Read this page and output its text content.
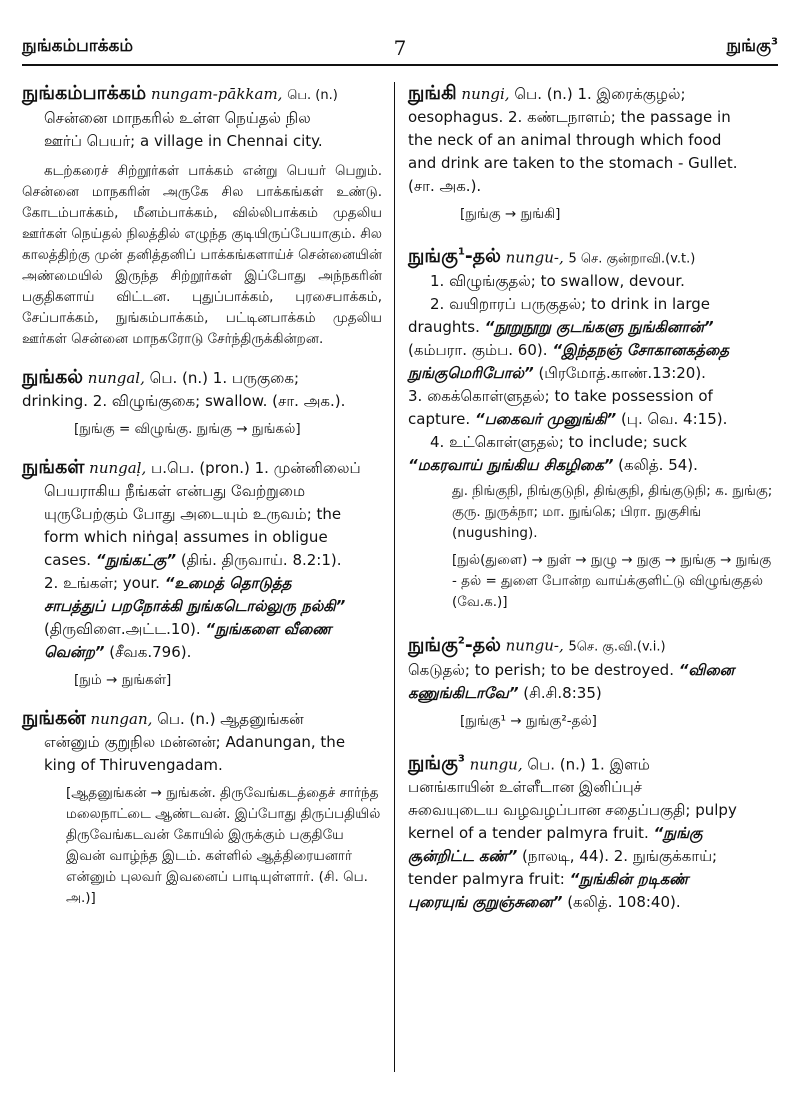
நுங்கம்பாக்கம்	7	நுங்கு$^3$
நுங்கம்பாக்கம் nungam-pākkam, பெ. (n.)
சென்னை மாநகரில் உள்ள நெய்தல் நில
ஊர்ப் பெயர்; a village in Chennai city.
கடற்கரைச் சிற்றூர்கள் பாக்கம் என்று பெயர் பெறும். சென்னை மாநகரின் அருகே சில பாக்கங்கள் உண்டு. கோடம்பாக்கம், மீனம்பாக்கம், வில்லிபாக்கம் முதலிய ஊர்கள் நெய்தல் நிலத்தில் எழுந்த குடியிருப்பேயாகும். சில காலத்திற்கு முன் தனித்தனிப் பாக்கங்களாய்ச் சென்னையின் அண்மையில் இருந்த சிற்றூர்கள் இப்போது அந்நகரின் பகுதிகளாய் விட்டன. புதுப்பாக்கம், புரசைபாக்கம், சேப்பாக்கம், நுங்கம்பாக்கம், பட்டினபாக்கம் முதலிய ஊர்கள் சென்னை மாநகரோடு சேர்ந்திருக்கின்றன.
நுங்கல் nungal, பெ. (n.) 1. பருகுகை;
drinking. 2. விழுங்குகை; swallow. (சா. அக.).
[நுங்கு = விழுங்கு. நுங்கு → நுங்கல்]
நுங்கள் nungaḷ, ப.பெ. (pron.) 1. முன்னிலைப்
பெயராகிய நீங்கள் என்பது வேற்றுமை
யுருபேற்கும் போது அடையும் உருவம்; the
form which niṅgaḷ assumes in obligue
cases. “நுங்கட்கு” (திங். திருவாய். 8.2:1).
2. உங்கள்; your. “உமைத் தொடுத்த
சாபத்துப் பறநோக்கி நுங்கடொல்லுரு நல்கி”
(திருவிளை.அட்ட.10). “நுங்களை வீணை
வென்ற” (சீவக.796).
[நும் → நுங்கள்]
நுங்கன் nungan, பெ. (n.) ஆதனுங்கன்
என்னும் குறுநில மன்னன்; Adanungan, the
king of Thiruvengadam.
[ஆதனுங்கன் → நுங்கன். திருவேங்கடத்தைச் சார்ந்த மலைநாட்டை ஆண்டவன். இப்போது திருப்பதியில் திருவேங்கடவன் கோயில் இருக்கும் பகுதியே இவன் வாழ்ந்த இடம். கள்ளில் ஆத்திரையனார் என்னும் புலவர் இவனைப் பாடியுள்ளார். (சி. பெ. அ.)]
நுங்கி nungi, பெ. (n.) 1. இரைக்குழல்;
oesophagus. 2. கண்டநாளம்; the passage in
the neck of an animal through which food
and drink are taken to the stomach - Gullet.
(சா. அக.).
[நுங்கு → நுங்கி]
நுங்கு$^1$-தல் nungu-, 5 செ. குன்றாவி.(v.t.)
1. விழுங்குதல்; to swallow, devour.
2. வயிறாரப் பருகுதல்; to drink in large
draughts. “நூறுநூறு குடங்களு நுங்கினான்”
(கம்பரா. கும்ப. 60). “இந்தநஞ் சோகானகத்தை
நுங்குமெரிபோல்” (பிரமோத்.காண்.13:20).
3. கைக்கொள்ளுதல்; to take possession of
capture. “பகைவர் முனுங்கி” (பு. வெ. 4:15).
4. உட்கொள்ளுதல்; to include; suck
“மகரவாய் நுங்கிய சிகழிகை” (கலித். 54).
து. நிங்குநி, நிங்குடுநி, திங்குநி, திங்குடுநி; க. நுங்கு; குரு. நுருக்நா; மா. நுங்கெ; பிரா. நுகுசிங் (nugushing).
[நுல்(துளை) → நுள் → நுழு → நுகு → நுங்கு → நுங்கு - தல் = துளை போன்ற வாய்க்குளிட்டு விழுங்குதல் (வே.க.)]
நுங்கு$^2$-தல் nungu-, 5செ. கு.வி.(v.i.)
கெடுதல்; to perish; to be destroyed. “வினை
கணுங்கிடாவே” (சி.சி.8:35)
[நுங்கு¹ → நுங்கு²-தல்]
நுங்கு$^3$ nungu, பெ. (n.) 1. இளம்
பனங்காயின் உள்ளீடான இனிப்புச்
சுவையுடைய வழவழப்பான சதைப்பகுதி; pulpy
kernel of a tender palmyra fruit. “நுங்கு
சூன்றிட்ட கண்” (நாலடி, 44). 2. நுங்குக்காய்;
tender palmyra fruit: “நுங்கின் றடிகண்
புரையுங் குறுஞ்சுனை” (கலித். 108:40).
